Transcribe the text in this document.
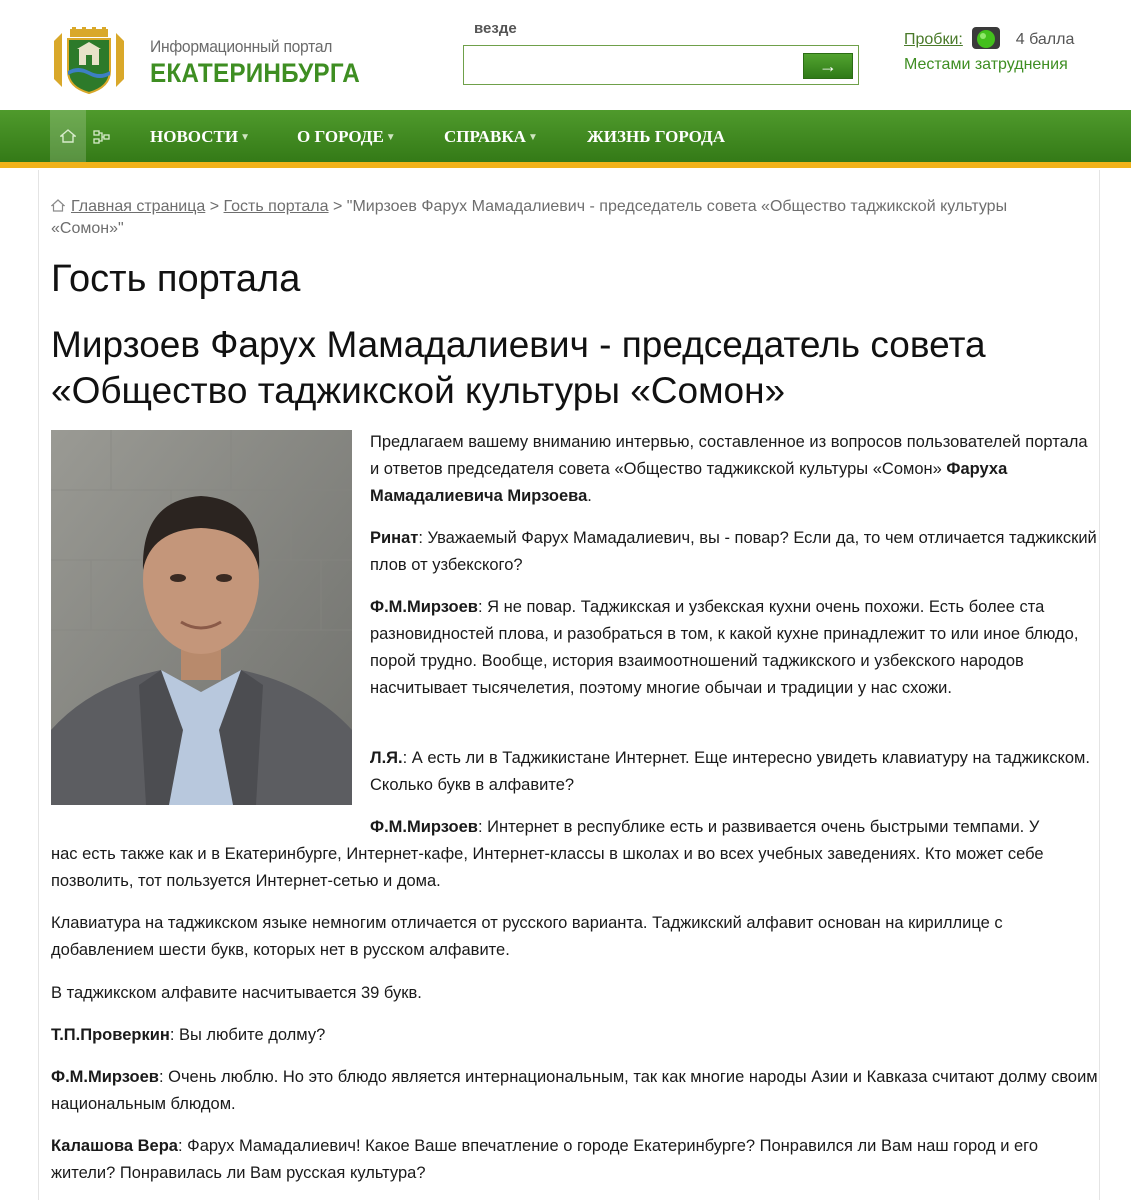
Информационный портал
ЕКАТЕРИНБУРГА
везде
→
Пробки:	4 балла
Местами затруднения
НОВОСТИ ▼	О ГОРОДЕ ▼	СПРАВКА ▼	ЖИЗНЬ ГОРОДА
Главная страница > Гость портала > "Мирзоев Фарух Мамадалиевич - председатель совета «Общество таджикской культуры «Сомон»"
Гость портала
Мирзоев Фарух Мамадалиевич - председатель совета «Общество таджикской культуры «Сомон»

Предлагаем вашему вниманию интервью, составленное из вопросов пользователей портала и ответов председателя совета «Общество таджикской культуры «Сомон» Фаруха Мамадалиевича Мирзоева.

Ринат: Уважаемый Фарух Мамадалиевич, вы - повар? Если да, то чем отличается таджикский плов от узбекского?

Ф.М.Мирзоев: Я не повар. Таджикская и узбекская кухни очень похожи. Есть более ста разновидностей плова, и разобраться в том, к какой кухне принадлежит то или иное блюдо, порой трудно. Вообще, история взаимоотношений таджикского и узбекского народов насчитывает тысячелетия, поэтому многие обычаи и традиции у нас схожи.

Л.Я.: А есть ли в Таджикистане Интернет. Еще интересно увидеть клавиатуру на таджикском. Сколько букв в алфавите?

Ф.М.Мирзоев: Интернет в республике есть и развивается очень быстрыми темпами. У

нас есть также как и в Екатеринбурге, Интернет-кафе, Интернет-классы в школах и во всех учебных заведениях. Кто может себе позволить, тот пользуется Интернет-сетью и дома.

Клавиатура на таджикском языке немногим отличается от русского варианта. Таджикский алфавит основан на кириллице с добавлением шести букв, которых нет в русском алфавите.

В таджикском алфавите насчитывается 39 букв.

Т.П.Проверкин: Вы любите долму?

Ф.М.Мирзоев: Очень люблю. Но это блюдо является интернациональным, так как многие народы Азии и Кавказа считают долму своим национальным блюдом.

Калашова Вера: Фарух Мамадалиевич! Какое Ваше впечатление о городе Екатеринбурге? Понравился ли Вам наш город и его жители? Понравилась ли Вам русская культура?
